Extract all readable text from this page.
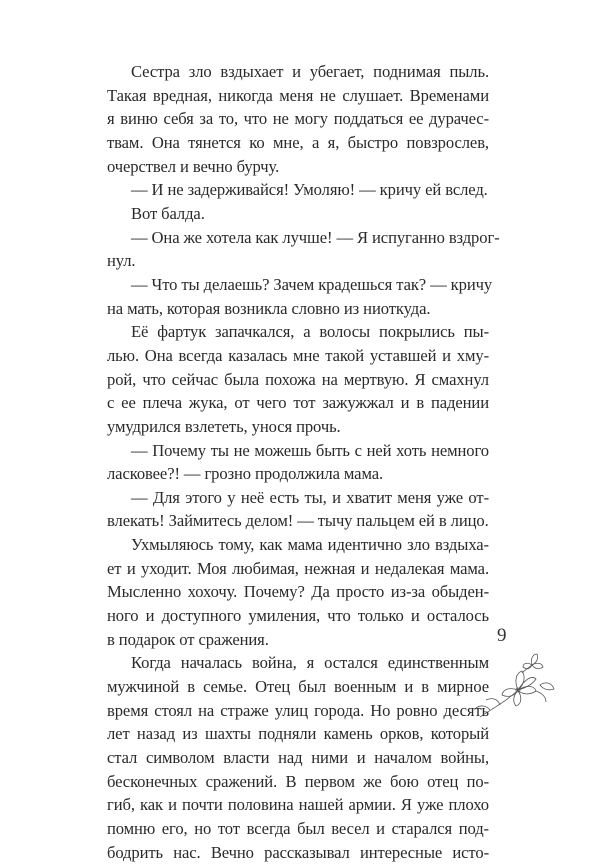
Сестра зло вздыхает и убегает, поднимая пыль.
Такая вредная, никогда меня не слушает. Временами
я виню себя за то, что не могу поддаться ее дурачес-
твам. Она тянется ко мне, а я, быстро повзрослев,
очерствел и вечно бурчу.
— И не задерживайся! Умоляю! — кричу ей вслед.
Вот балда.
— Она же хотела как лучше! — Я испуганно вздрог-
нул.
— Что ты делаешь? Зачем крадешься так? — кричу
на мать, которая возникла словно из ниоткуда.
Её фартук запачкался, а волосы покрылись пы-
лью. Она всегда казалась мне такой уставшей и хму-
рой, что сейчас была похожа на мертвую. Я смахнул
с ее плеча жука, от чего тот зажужжал и в падении
умудрился взлететь, унося прочь.
— Почему ты не можешь быть с ней хоть немного
ласковее?! — грозно продолжила мама.
— Для этого у неё есть ты, и хватит меня уже от-
влекать! Займитесь делом! — тычу пальцем ей в лицо.
Ухмыляюсь тому, как мама идентично зло вздыха-
ет и уходит. Моя любимая, нежная и недалекая мама.
Мысленно хохочу. Почему? Да просто из-за обыден-
ного и доступного умиления, что только и осталось
в подарок от сражения.
Когда началась война, я остался единственным
мужчиной в семье. Отец был военным и в мирное
время стоял на страже улиц города. Но ровно десять
лет назад из шахты подняли камень орков, который
стал символом власти над ними и началом войны,
бесконечных сражений. В первом же бою отец по-
гиб, как и почти половина нашей армии. Я уже плохо
помню его, но тот всегда был весел и старался под-
бодрить нас. Вечно рассказывал интересные исто-
9
